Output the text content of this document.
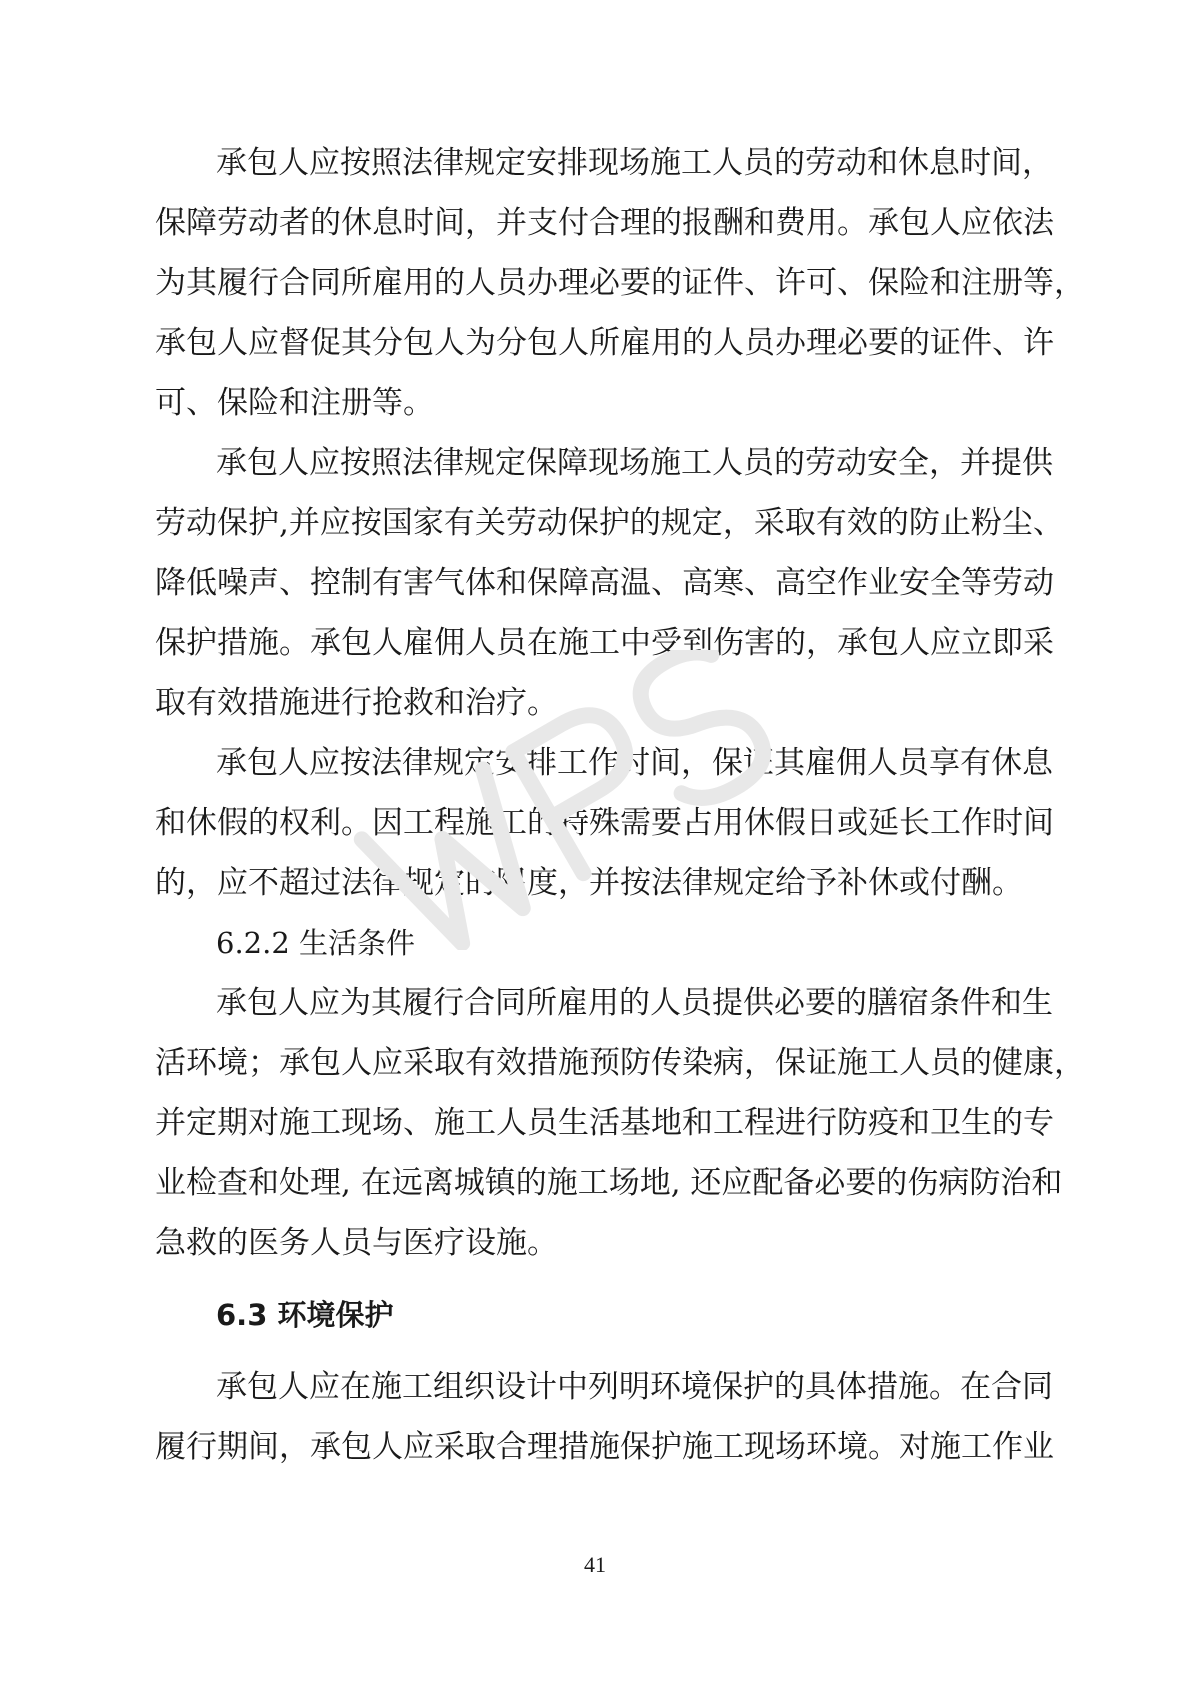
承包人应按照法律规定安排现场施工人员的劳动和休息时间，
保障劳动者的休息时间，并支付合理的报酬和费用。承包人应依法
为其履行合同所雇用的人员办理必要的证件、许可、保险和注册等，
承包人应督促其分包人为分包人所雇用的人员办理必要的证件、许
可、保险和注册等。
承包人应按照法律规定保障现场施工人员的劳动安全，并提供
劳动保护,并应按国家有关劳动保护的规定，采取有效的防止粉尘、
降低噪声、控制有害气体和保障高温、高寒、高空作业安全等劳动
保护措施。承包人雇佣人员在施工中受到伤害的，承包人应立即采
取有效措施进行抢救和治疗。
承包人应按法律规定安排工作时间，保证其雇佣人员享有休息
和休假的权利。因工程施工的特殊需要占用休假日或延长工作时间
的，应不超过法律规定的限度，并按法律规定给予补休或付酬。
6.2.2 生活条件
承包人应为其履行合同所雇用的人员提供必要的膳宿条件和生
活环境；承包人应采取有效措施预防传染病，保证施工人员的健康，
并定期对施工现场、施工人员生活基地和工程进行防疫和卫生的专
业检查和处理, 在远离城镇的施工场地, 还应配备必要的伤病防治和
急救的医务人员与医疗设施。
6.3 环境保护
承包人应在施工组织设计中列明环境保护的具体措施。在合同
履行期间，承包人应采取合理措施保护施工现场环境。对施工作业
41
